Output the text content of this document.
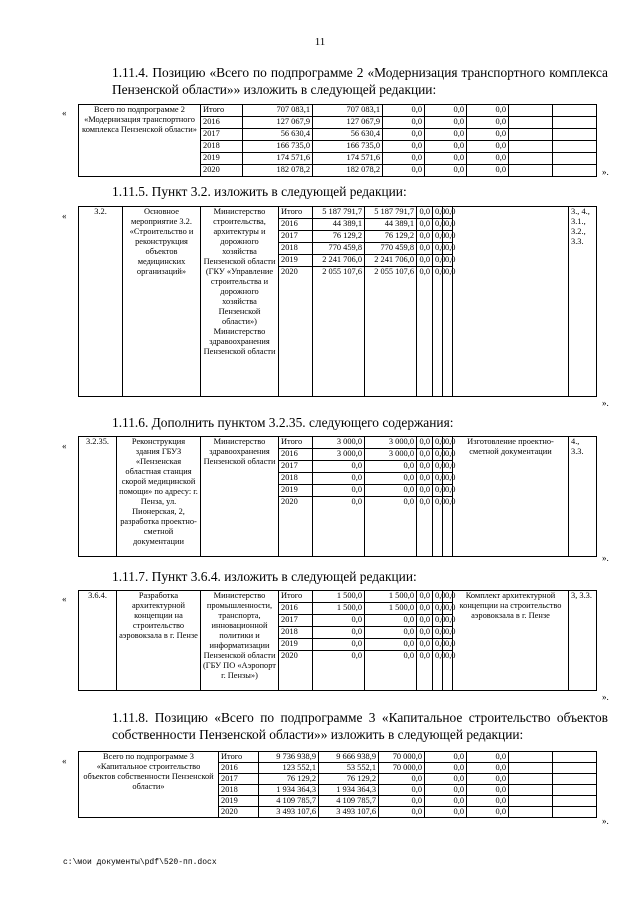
11
1.11.4. Позицию «Всего по подпрограмме 2 «Модернизация транспортного комплекса Пензенской области»» изложить в следующей редакции:
«	Всего по подпрограмме 2 «Модернизация транспортного комплекса Пензенской области»	Итого	707 083,1	707 083,1	0,0	0,0	0,0		
	2016	127 067,9	127 067,9	0,0	0,0	0,0		
	2017	56 630,4	56 630,4	0,0	0,0	0,0		
	2018	166 735,0	166 735,0	0,0	0,0	0,0		
	2019	174 571,6	174 571,6	0,0	0,0	0,0		
	2020	182 078,2	182 078,2	0,0	0,0	0,0			».
1.11.5. Пункт 3.2. изложить в следующей редакции:
«	3.2.	Основное мероприятие 3.2. «Строительство и реконструкция объектов медицинских организаций»	Министерство строительства, архитектуры и дорожного хозяйства Пензенской области (ГКУ «Управление строительства и дорожного хозяйства Пензенской области») Министерство здравоохранения Пензенской области	Итого	5 187 791,7	5 187 791,7	0,0	0,0	0,0		3., 4., 3.1., 3.2., 3.3.
			2016	44 389,1	44 389,1	0,0	0,0	0,0		
			2017	76 129,2	76 129,2	0,0	0,0	0,0		
			2018	770 459,8	770 459,8	0,0	0,0	0,0		
			2019	2 241 706,0	2 241 706,0	0,0	0,0	0,0		
			2020	2 055 107,6	2 055 107,6	0,0	0,0	0,0		
».
1.11.6. Дополнить пунктом 3.2.35. следующего содержания:
« 3.2.35.	Реконструкция здания ГБУЗ «Пензенская областная станция скорой медицинской помощи» по адресу: г. Пенза, ул. Пионерская, 2, разработка проектно-сметной документации	Министерство здравоохранения Пензенской области	Итого	3 000,0	3 000,0	0,0	0,0	0,0	Изготовление проектно-сметной документации	4., 3.3.
			2016	3 000,0	3 000,0	0,0	0,0	0,0		
			2017	0,0	0,0	0,0	0,0	0,0		
			2018	0,0	0,0	0,0	0,0	0,0		
			2019	0,0	0,0	0,0	0,0	0,0		
			2020	0,0	0,0	0,0	0,0	0,0		
».
1.11.7. Пункт 3.6.4. изложить в следующей редакции:
«	3.6.4.	Разработка архитектурной концепции на строительство аэровокзала в г. Пензе	Министерство промышленности, транспорта, инновационной политики и информатизации Пензенской области (ГБУ ПО «Аэропорт г. Пензы»)	Итого	1 500,0	1 500,0	0,0	0,0	0,0	Комплект архитектурной концепции на строительство аэровокзала в г. Пензе	3, 3.3.
			2016	1 500,0	1 500,0	0,0	0,0	0,0		
			2017	0,0	0,0	0,0	0,0	0,0		
			2018	0,0	0,0	0,0	0,0	0,0		
			2019	0,0	0,0	0,0	0,0	0,0		
			2020	0,0	0,0	0,0	0,0	0,0		
».
1.11.8. Позицию «Всего по подпрограмме 3 «Капитальное строительство объектов собственности Пензенской области»» изложить в следующей редакции:
«	Всего по подпрограмме 3 «Капитальное строительство объектов собственности Пензенской области»	Итого	9 736 938,9	9 666 938,9	70 000,0	0,0	0,0		
	2016	123 552,1	53 552,1	70 000,0	0,0	0,0		
	2017	76 129,2	76 129,2	0,0	0,0	0,0		
	2018	1 934 364,3	1 934 364,3	0,0	0,0	0,0		
	2019	4 109 785,7	4 109 785,7	0,0	0,0	0,0		
	2020	3 493 107,6	3 493 107,6	0,0	0,0	0,0		
».
c:\мои документы\pdf\520-пп.docx
